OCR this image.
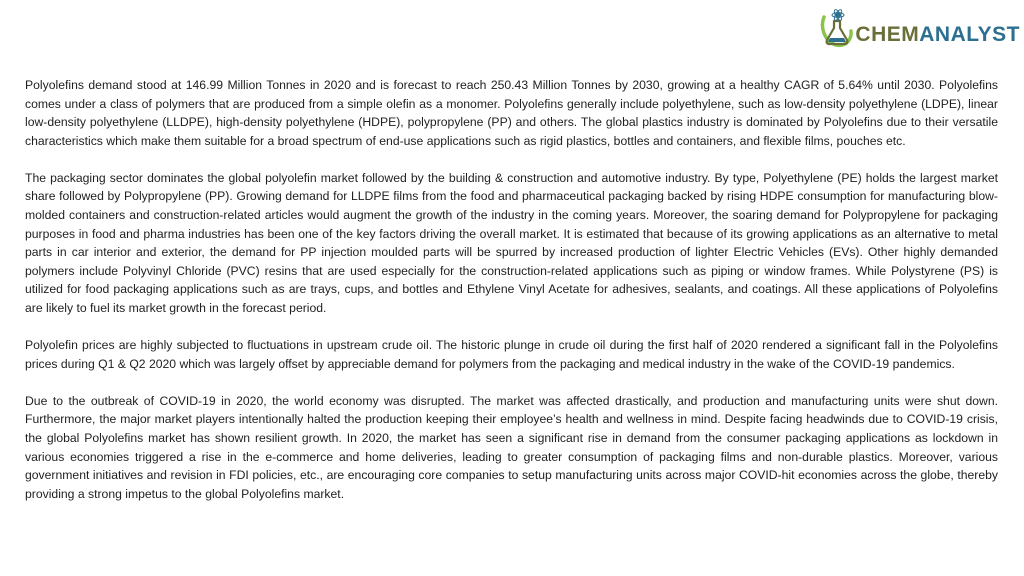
CHEMANALYST

Polyolefins demand stood at 146.99 Million Tonnes in 2020 and is forecast to reach 250.43 Million Tonnes by 2030, growing at a healthy CAGR of 5.64% until 2030. Polyolefins comes under a class of polymers that are produced from a simple olefin as a monomer. Polyolefins generally include polyethylene, such as low-density polyethylene (LDPE), linear low-density polyethylene (LLDPE), high-density polyethylene (HDPE), polypropylene (PP) and others. The global plastics industry is dominated by Polyolefins due to their versatile characteristics which make them suitable for a broad spectrum of end-use applications such as rigid plastics, bottles and containers, and flexible films, pouches etc.

The packaging sector dominates the global polyolefin market followed by the building & construction and automotive industry. By type, Polyethylene (PE) holds the largest market share followed by Polypropylene (PP). Growing demand for LLDPE films from the food and pharmaceutical packaging backed by rising HDPE consumption for manufacturing blow-molded containers and construction-related articles would augment the growth of the industry in the coming years. Moreover, the soaring demand for Polypropylene for packaging purposes in food and pharma industries has been one of the key factors driving the overall market. It is estimated that because of its growing applications as an alternative to metal parts in car interior and exterior, the demand for PP injection moulded parts will be spurred by increased production of lighter Electric Vehicles (EVs). Other highly demanded polymers include Polyvinyl Chloride (PVC) resins that are used especially for the construction-related applications such as piping or window frames. While Polystyrene (PS) is utilized for food packaging applications such as are trays, cups, and bottles and Ethylene Vinyl Acetate for adhesives, sealants, and coatings. All these applications of Polyolefins are likely to fuel its market growth in the forecast period.

Polyolefin prices are highly subjected to fluctuations in upstream crude oil. The historic plunge in crude oil during the first half of 2020 rendered a significant fall in the Polyolefins prices during Q1 & Q2 2020 which was largely offset by appreciable demand for polymers from the packaging and medical industry in the wake of the COVID-19 pandemics.

Due to the outbreak of COVID-19 in 2020, the world economy was disrupted. The market was affected drastically, and production and manufacturing units were shut down. Furthermore, the major market players intentionally halted the production keeping their employee’s health and wellness in mind. Despite facing headwinds due to COVID-19 crisis, the global Polyolefins market has shown resilient growth. In 2020, the market has seen a significant rise in demand from the consumer packaging applications as lockdown in various economies triggered a rise in the e-commerce and home deliveries, leading to greater consumption of packaging films and non-durable plastics. Moreover, various government initiatives and revision in FDI policies, etc., are encouraging core companies to setup manufacturing units across major COVID-hit economies across the globe, thereby providing a strong impetus to the global Polyolefins market.
